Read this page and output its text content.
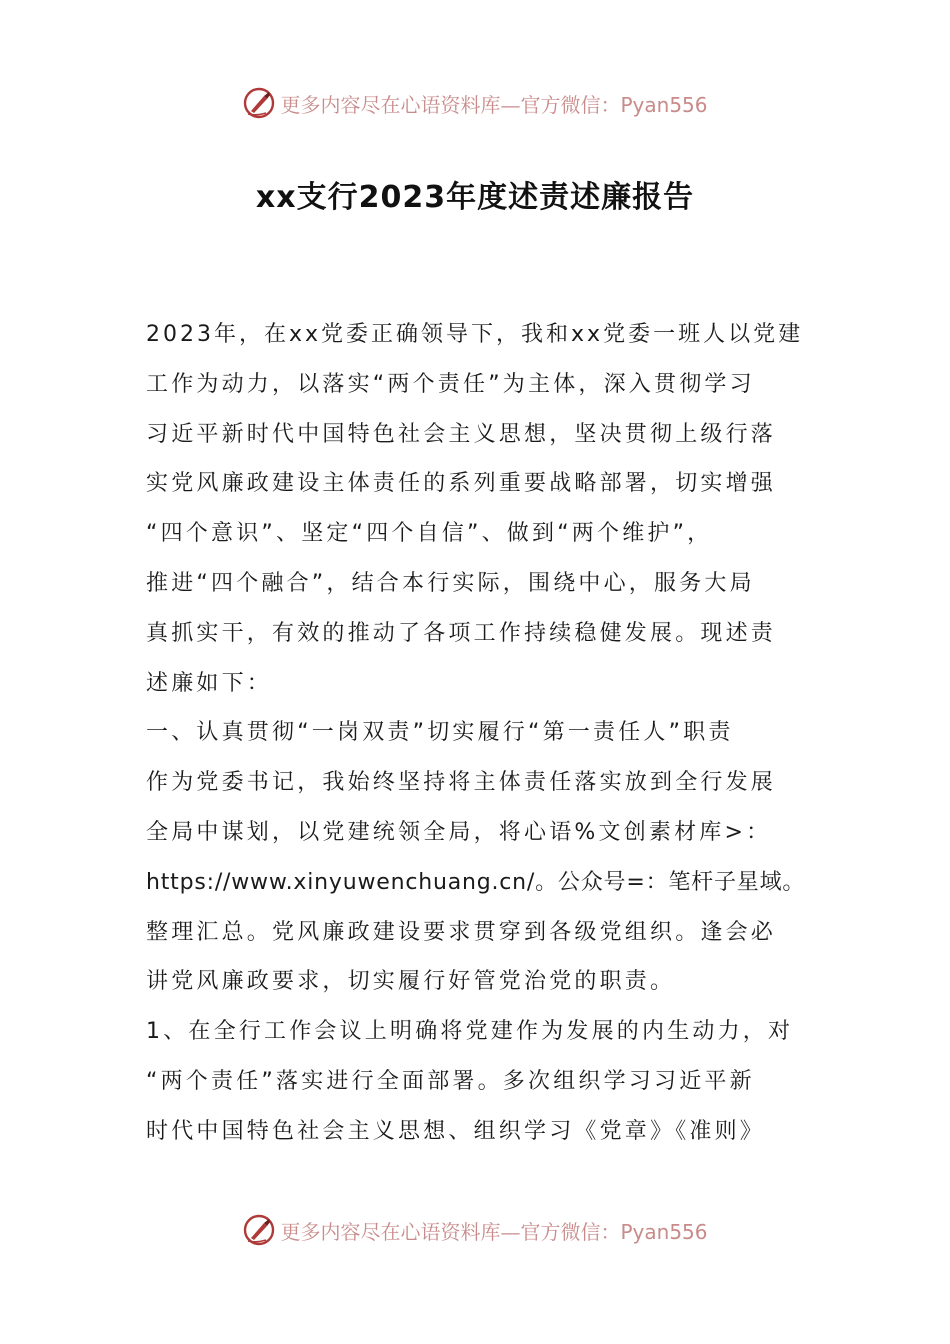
更多内容尽在心语资料库—官方微信：Pyan556
xx支行2023年度述责述廉报告
2023年，在xx党委正确领导下，我和xx党委一班人以党建
工作为动力，以落实“两个责任”为主体，深入贯彻学习
习近平新时代中国特色社会主义思想，坚决贯彻上级行落
实党风廉政建设主体责任的系列重要战略部署，切实增强
“四个意识”、坚定“四个自信”、做到“两个维护”，
推进“四个融合”，结合本行实际，围绕中心，服务大局
真抓实干，有效的推动了各项工作持续稳健发展。现述责
述廉如下：
一、认真贯彻“一岗双责”切实履行“第一责任人”职责
作为党委书记，我始终坚持将主体责任落实放到全行发展
全局中谋划，以党建统领全局，将心语%文创素材库>：
https://www.xinyuwenchuang.cn/。公众号=：笔杆子星域。
整理汇总。党风廉政建设要求贯穿到各级党组织。逢会必
讲党风廉政要求，切实履行好管党治党的职责。
1、在全行工作会议上明确将党建作为发展的内生动力，对
“两个责任”落实进行全面部署。多次组织学习习近平新
时代中国特色社会主义思想、组织学习《党章》《准则》
更多内容尽在心语资料库—官方微信：Pyan556
